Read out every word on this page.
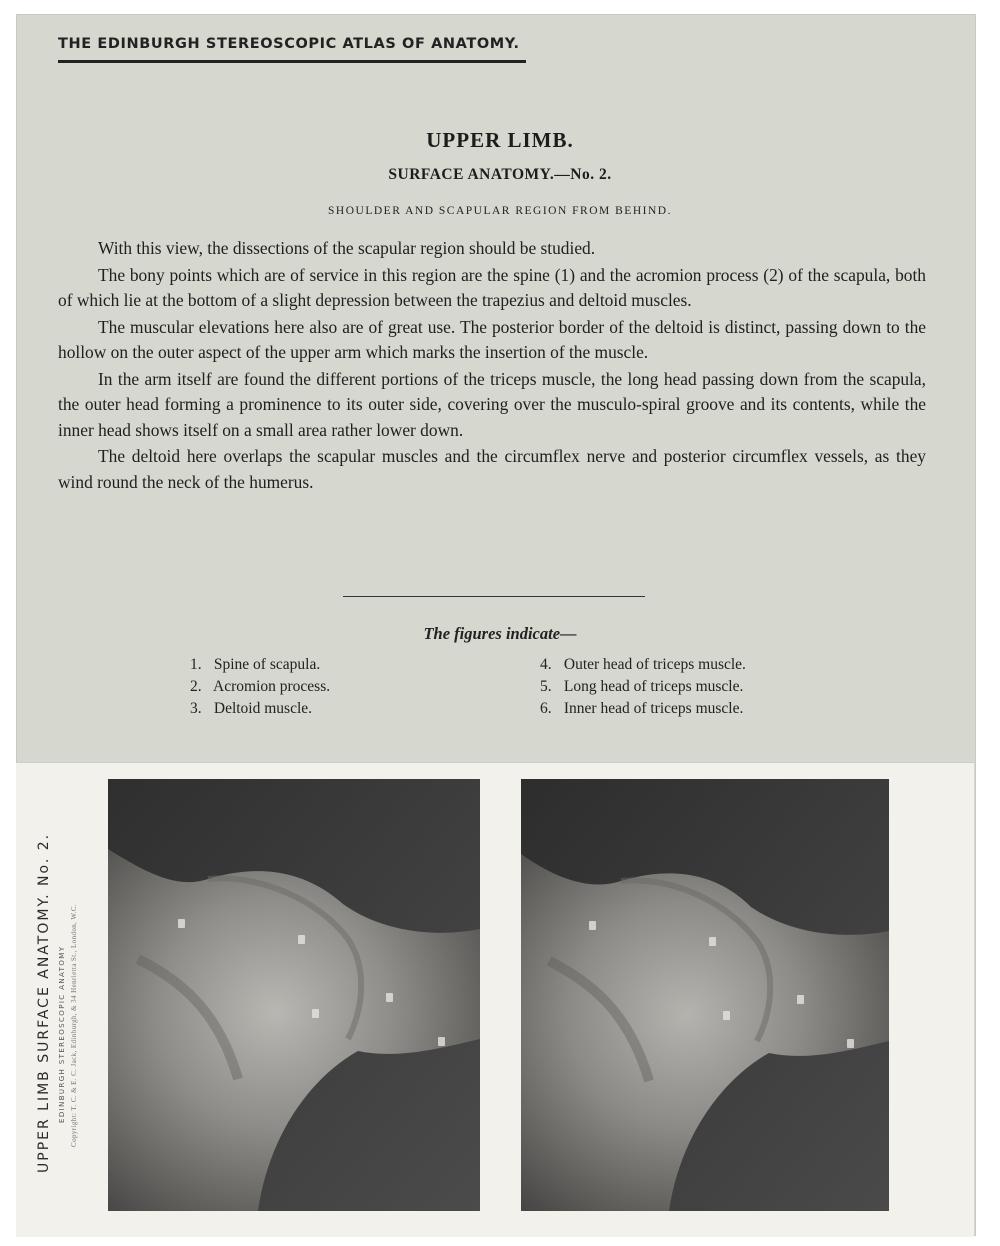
THE EDINBURGH STEREOSCOPIC ATLAS OF ANATOMY.
UPPER LIMB.
SURFACE ANATOMY.—No. 2.
SHOULDER AND SCAPULAR REGION FROM BEHIND.

With this view, the dissections of the scapular region should be studied.

The bony points which are of service in this region are the spine (1) and the acromion process (2) of the scapula, both of which lie at the bottom of a slight depression between the trapezius and deltoid muscles.

The muscular elevations here also are of great use. The posterior border of the deltoid is distinct, passing down to the hollow on the outer aspect of the upper arm which marks the insertion of the muscle.

In the arm itself are found the different portions of the triceps muscle, the long head passing down from the scapula, the outer head forming a prominence to its outer side, covering over the musculo-spiral groove and its contents, while the inner head shows itself on a small area rather lower down.

The deltoid here overlaps the scapular muscles and the circumflex nerve and posterior circumflex vessels, as they wind round the neck of the humerus.

The figures indicate—
1. Spine of scapula.
2. Acromion process.
3. Deltoid muscle.
4. Outer head of triceps muscle.
5. Long head of triceps muscle.
6. Inner head of triceps muscle.
UPPER LIMB SURFACE ANATOMY. No. 2. EDINBURGH STEREOSCOPIC ANATOMY Copyright: T. C. & E. C. Jack, Edinburgh, & 34 Henrietta St., London, W.C.
